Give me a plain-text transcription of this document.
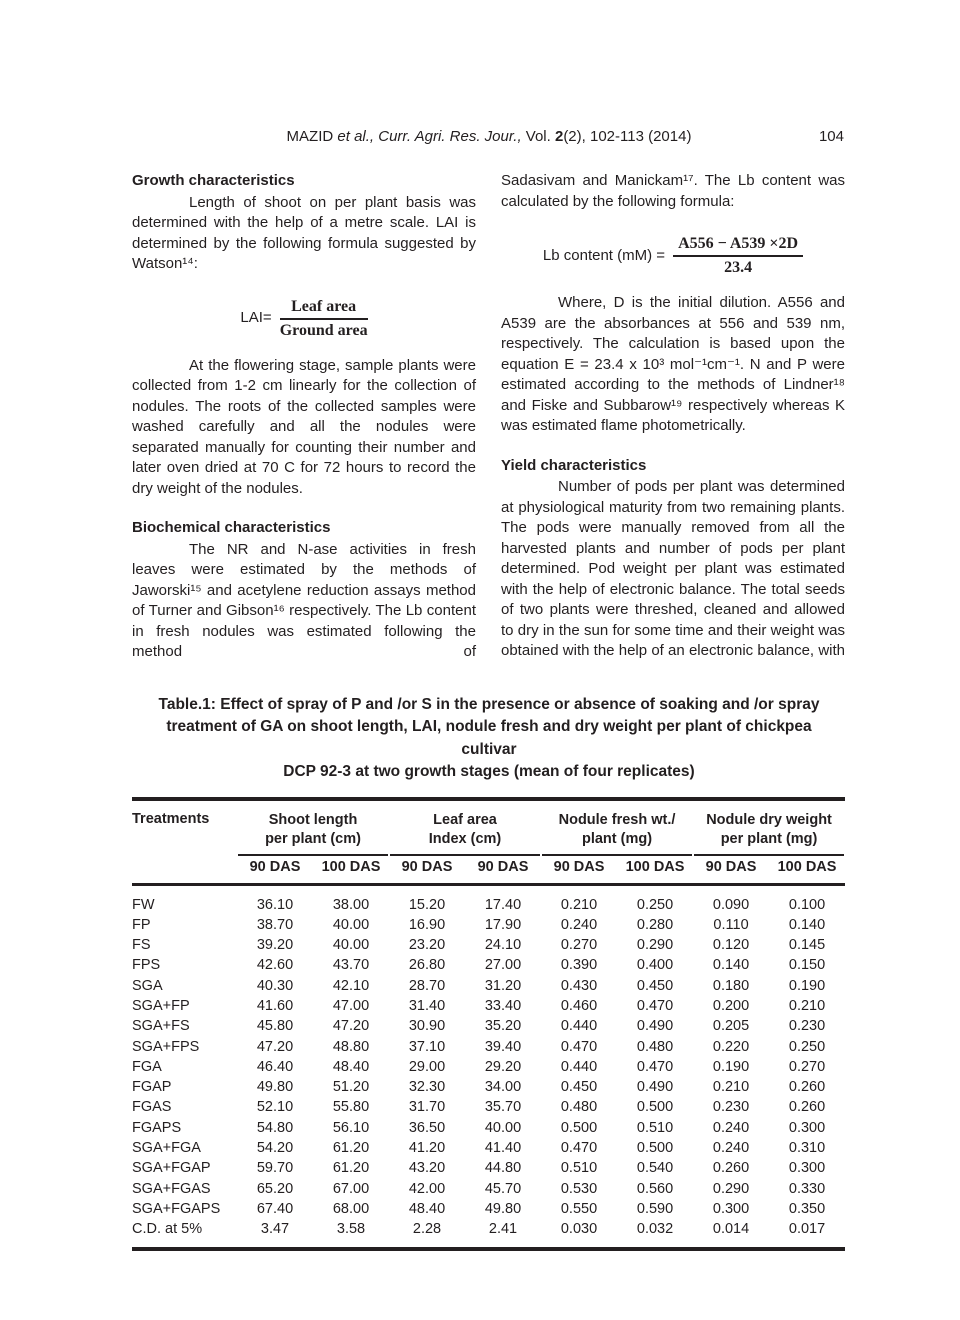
MAZID et al., Curr. Agri. Res. Jour., Vol. 2(2), 102-113 (2014)	104
Growth characteristics

Length of shoot on per plant basis was determined with the help of a metre scale. LAI is determined by the following formula suggested by Watson¹⁴:

$LAI= \frac{\text{Leaf area}}{\text{Ground area}}$

At the flowering stage, sample plants were collected from 1-2 cm linearly for the collection of nodules. The roots of the collected samples were washed carefully and all the nodules were separated manually for counting their number and later oven dried at 70 C for 72 hours to record the dry weight of the nodules.

Biochemical characteristics

The NR and N-ase activities in fresh leaves were estimated by the methods of Jaworski¹⁵ and acetylene reduction assays method of Turner and Gibson¹⁶ respectively. The Lb content in fresh nodules was estimated following the method of

Sadasivam and Manickam¹⁷. The Lb content was calculated by the following formula:

Lb content $(mM) = \frac{A556 - A539 \times 2D}{23.4}$

Where, D is the initial dilution. A556 and A539 are the absorbances at 556 and 539 nm, respectively. The calculation is based upon the equation E = 23.4 x 10³ mol⁻¹cm⁻¹. N and P were estimated according to the methods of Lindner¹⁸ and Fiske and Subbarow¹⁹ respectively whereas K was estimated flame photometrically.

Yield characteristics

Number of pods per plant was determined at physiological maturity from two remaining plants. The pods were manually removed from all the harvested plants and number of pods per plant determined. Pod weight per plant was estimated with the help of electronic balance. The total seeds of two plants were threshed, cleaned and allowed to dry in the sun for some time and their weight was obtained with the help of an electronic balance, with

Table.1: Effect of spray of P and /or S in the presence or absence of soaking and /or spray
treatment of GA on shoot length, LAI, nodule fresh and dry weight per plant of chickpea cultivar
DCP 92-3 at two growth stages (mean of four replicates)
Treatments	Shoot length
per plant (cm)		Leaf area
Index (cm)		Nodule fresh wt./
plant (mg)		Nodule dry weight
per plant (mg)	

	90 DAS	100 DAS	90 DAS	90 DAS	90 DAS	100 DAS	90 DAS	100 DAS
FW	36.10	38.00	15.20	17.40	0.210	0.250	0.090	0.100
FP	38.70	40.00	16.90	17.90	0.240	0.280	0.110	0.140
FS	39.20	40.00	23.20	24.10	0.270	0.290	0.120	0.145
FPS	42.60	43.70	26.80	27.00	0.390	0.400	0.140	0.150
SGA	40.30	42.10	28.70	31.20	0.430	0.450	0.180	0.190
SGA+FP	41.60	47.00	31.40	33.40	0.460	0.470	0.200	0.210
SGA+FS	45.80	47.20	30.90	35.20	0.440	0.490	0.205	0.230
SGA+FPS	47.20	48.80	37.10	39.40	0.470	0.480	0.220	0.250
FGA	46.40	48.40	29.00	29.20	0.440	0.470	0.190	0.270
FGAP	49.80	51.20	32.30	34.00	0.450	0.490	0.210	0.260
FGAS	52.10	55.80	31.70	35.70	0.480	0.500	0.230	0.260
FGAPS	54.80	56.10	36.50	40.00	0.500	0.510	0.240	0.300
SGA+FGA	54.20	61.20	41.20	41.40	0.470	0.500	0.240	0.310
SGA+FGAP	59.70	61.20	43.20	44.80	0.510	0.540	0.260	0.300
SGA+FGAS	65.20	67.00	42.00	45.70	0.530	0.560	0.290	0.330
SGA+FGAPS	67.40	68.00	48.40	49.80	0.550	0.590	0.300	0.350
C.D. at 5%	3.47	3.58	2.28	2.41	0.030	0.032	0.014	0.017
